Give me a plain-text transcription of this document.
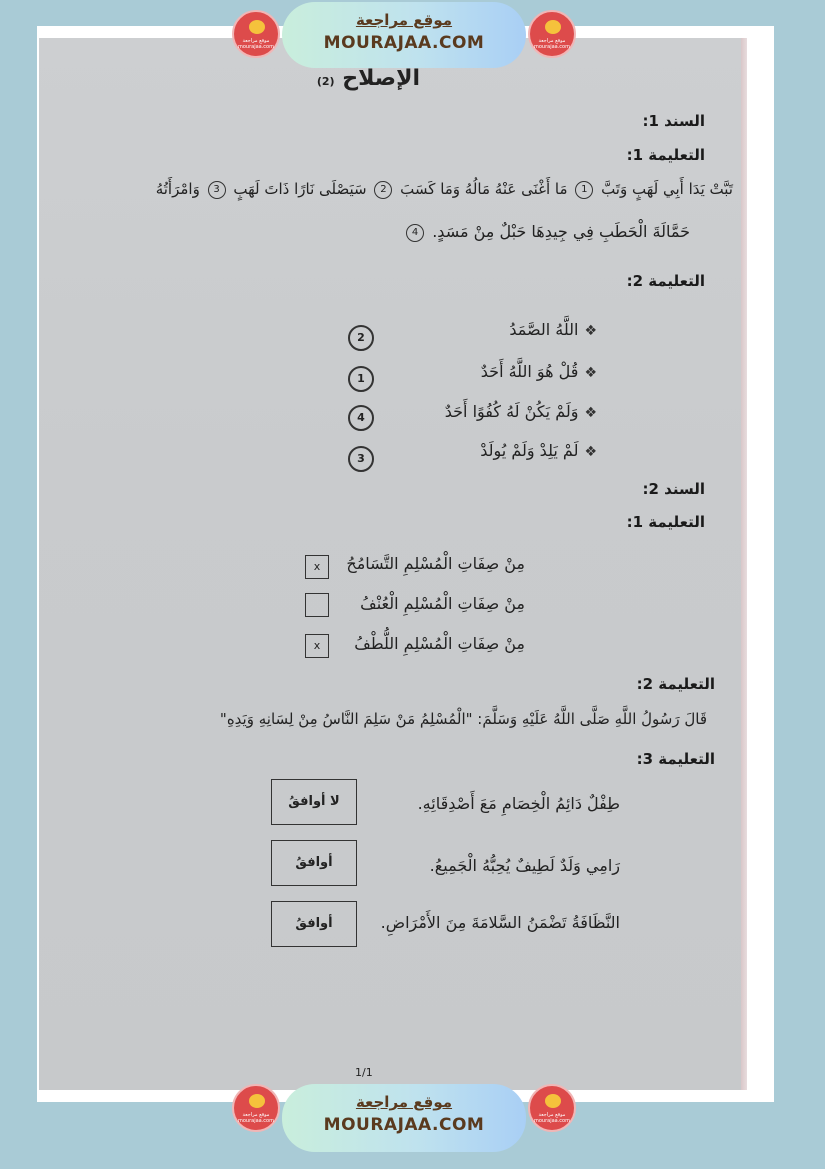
موقع مراجعة mourajaa.com
موقع مراجعة
MOURAJAA.COM	موقع مراجعة mourajaa.com
الإصلاح (2)
السند 1:
التعليمة 1:
تَبَّتْ يَدَا أَبِي لَهَبٍ وَتَبَّ 1 مَا أَغْنَى عَنْهُ مَالُهُ وَمَا كَسَبَ 2 سَيَصْلَى نَارًا ذَاتَ لَهَبٍ 3 وَامْرَأَتُهُ
حَمَّالَةَ الْحَطَبِ فِي جِيدِهَا حَبْلٌ مِنْ مَسَدٍ. 4
التعليمة 2:
❖اللَّهُ الصَّمَدُ
2
❖قُلْ هُوَ اللَّهُ أَحَدٌ
1
❖وَلَمْ يَكُنْ لَهُ كُفُوًا أَحَدٌ
4
❖لَمْ يَلِدْ وَلَمْ يُولَدْ
3
السند 2:
التعليمة 1:
مِنْ صِفَاتِ الْمُسْلِمِ التَّسَامُحُ
x
مِنْ صِفَاتِ الْمُسْلِمِ الْعُنْفُ
مِنْ صِفَاتِ الْمُسْلِمِ اللُّطْفُ
x
التعليمة 2:
قَالَ رَسُولُ اللَّهِ صَلَّى اللَّهُ عَلَيْهِ وَسَلَّمَ: "الْمُسْلِمُ مَنْ سَلِمَ النَّاسُ مِنْ لِسَانِهِ وَيَدِهِ"
التعليمة 3:
طِفْلٌ دَائِمُ الْخِصَامِ مَعَ أَصْدِقَائِهِ.
لا أوافقُ
رَامِي وَلَدٌ لَطِيفٌ يُحِبُّهُ الْجَمِيعُ.
أوافقُ
النَّظَافَةُ تَضْمَنُ السَّلامَةَ مِنَ الأَمْرَاضِ.
أوافقُ
1/1
موقع مراجعة mourajaa.com
موقع مراجعة
MOURAJAA.COM	موقع مراجعة mourajaa.com
